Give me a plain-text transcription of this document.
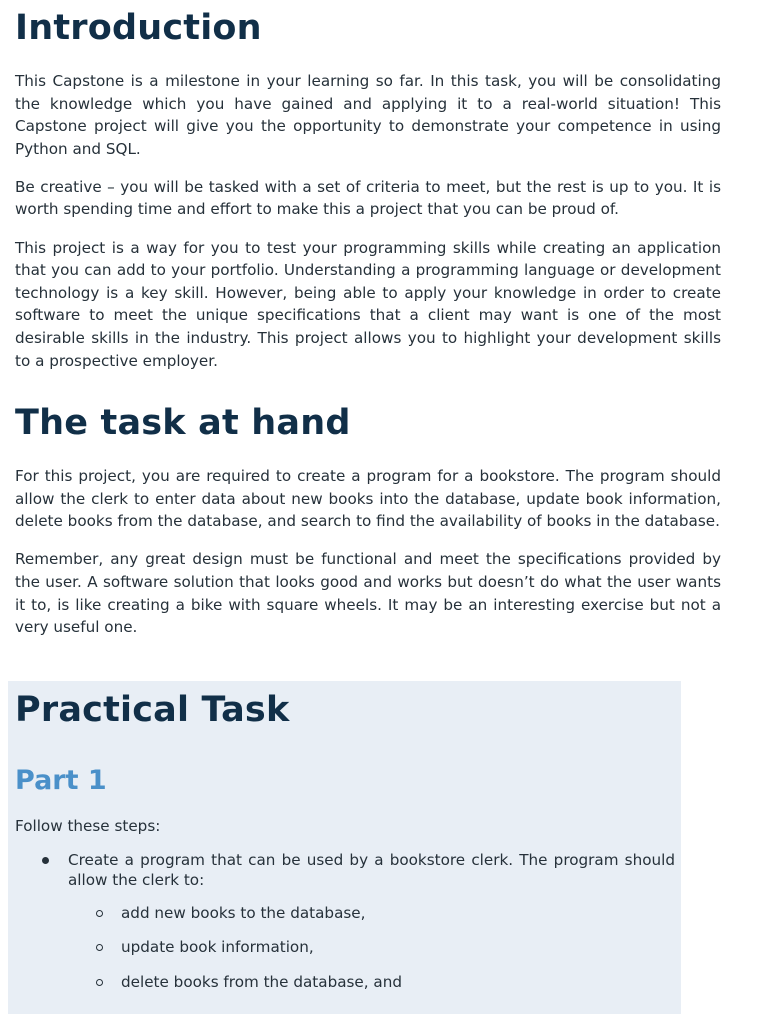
Introduction

This Capstone is a milestone in your learning so far. In this task, you will be consolidating the knowledge which you have gained and applying it to a real-world situation! This Capstone project will give you the opportunity to demonstrate your competence in using Python and SQL.

Be creative – you will be tasked with a set of criteria to meet, but the rest is up to you. It is worth spending time and effort to make this a project that you can be proud of.

This project is a way for you to test your programming skills while creating an application that you can add to your portfolio. Understanding a programming language or development technology is a key skill. However, being able to apply your knowledge in order to create software to meet the unique specifications that a client may want is one of the most desirable skills in the industry. This project allows you to highlight your development skills to a prospective employer.

The task at hand

For this project, you are required to create a program for a bookstore. The program should allow the clerk to enter data about new books into the database, update book information, delete books from the database, and search to find the availability of books in the database.

Remember, any great design must be functional and meet the specifications provided by the user. A software solution that looks good and works but doesn’t do what the user wants it to, is like creating a bike with square wheels. It may be an interesting exercise but not a very useful one.

Practical Task
Part 1

Follow these steps:

Create a program that can be used by a bookstore clerk. The program should allow the clerk to:
add new books to the database,
update book information,
delete books from the database, and
